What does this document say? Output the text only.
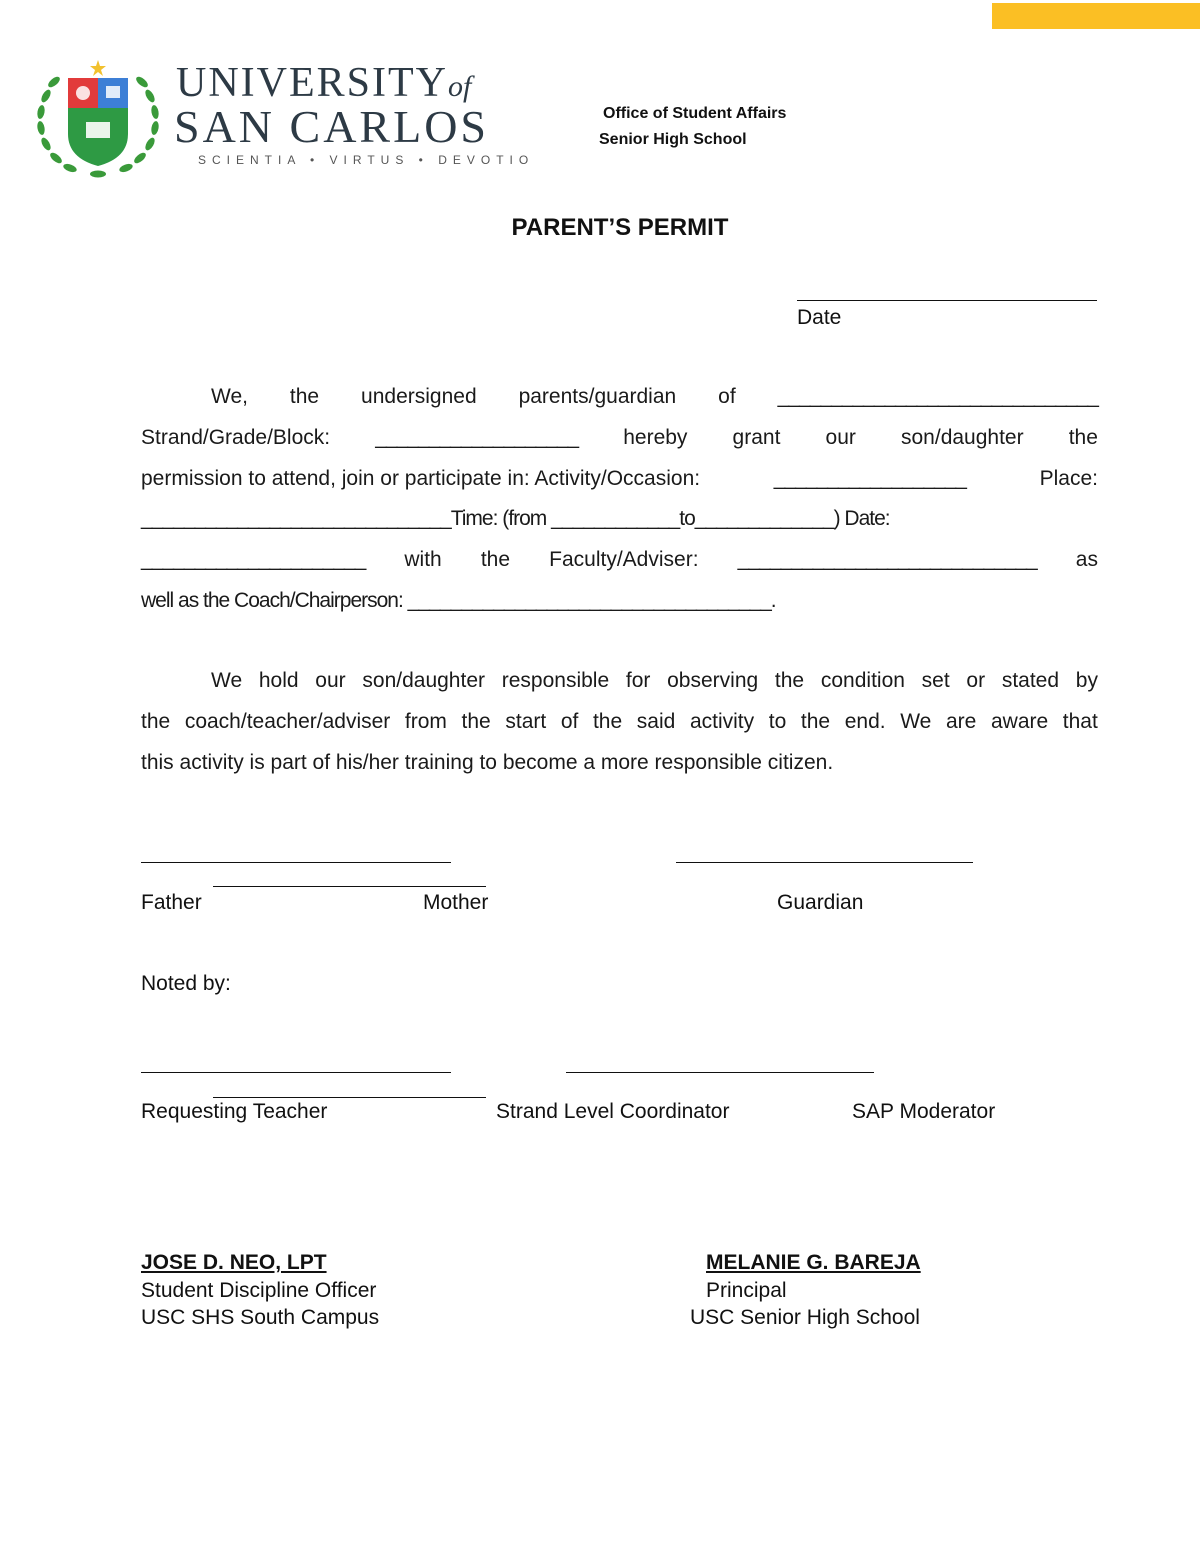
UNIVERSITYof
SAN CARLOS
SCIENTIA • VIRTUS • DEVOTIO
Office of Student Affairs
Senior High School
PARENT’S PERMIT
Date
We, the undersigned parents/guardian of ______________________________
Strand/Grade/Block: ___________________ hereby grant our son/daughter the
permission to attend, join or participate in: Activity/Occasion:	__________________	Place:
_____________________________Time: (from ____________to_____________) Date:
_____________________ with the Faculty/Adviser: ____________________________ as
well as the Coach/Chairperson: __________________________________.
We hold our son/daughter responsible for observing the condition set or stated by
the coach/teacher/adviser from the start of the said activity to the end. We are aware that
this activity is part of his/her training to become a more responsible citizen.
Father	Mother	Guardian
Noted by:
Requesting Teacher	Strand Level Coordinator	SAP Moderator
JOSE D. NEO, LPT
Student Discipline Officer
USC SHS South Campus
MELANIE G. BAREJA
Principal
USC Senior High School
